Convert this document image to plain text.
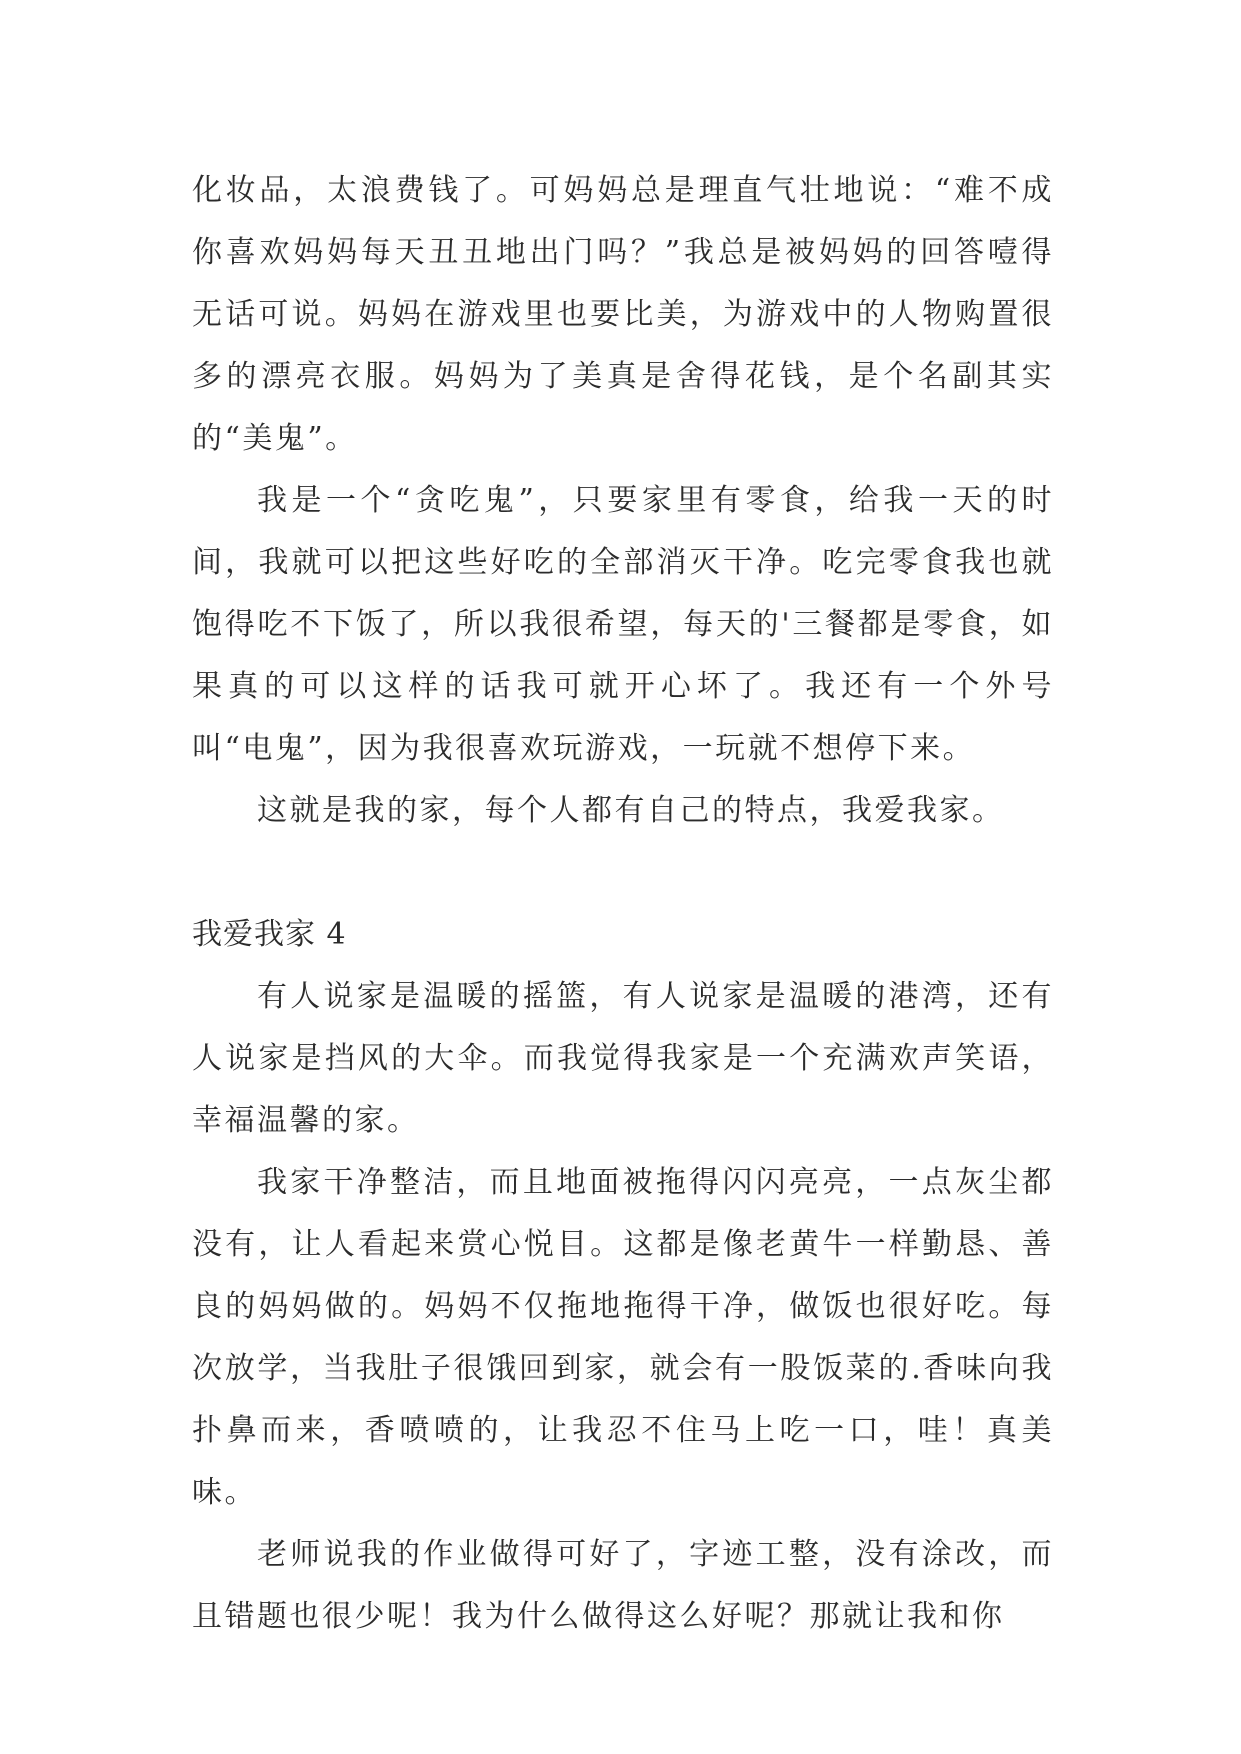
化妆品，太浪费钱了。可妈妈总是理直气壮地说：“难不成你喜欢妈妈每天丑丑地出门吗？”我总是被妈妈的回答噎得无话可说。妈妈在游戏里也要比美，为游戏中的人物购置很多的漂亮衣服。妈妈为了美真是舍得花钱，是个名副其实的“美鬼”。

我是一个“贪吃鬼”，只要家里有零食，给我一天的时间，我就可以把这些好吃的全部消灭干净。吃完零食我也就饱得吃不下饭了，所以我很希望，每天的'三餐都是零食，如果真的可以这样的话我可就开心坏了。我还有一个外号叫“电鬼”，因为我很喜欢玩游戏，一玩就不想停下来。

这就是我的家，每个人都有自己的特点，我爱我家。

我爱我家 4

有人说家是温暖的摇篮，有人说家是温暖的港湾，还有人说家是挡风的大伞。而我觉得我家是一个充满欢声笑语，幸福温馨的家。

我家干净整洁，而且地面被拖得闪闪亮亮，一点灰尘都没有，让人看起来赏心悦目。这都是像老黄牛一样勤恳、善良的妈妈做的。妈妈不仅拖地拖得干净，做饭也很好吃。每次放学，当我肚子很饿回到家，就会有一股饭菜的.香味向我扑鼻而来，香喷喷的，让我忍不住马上吃一口，哇！真美味。

老师说我的作业做得可好了，字迹工整，没有涂改，而且错题也很少呢！我为什么做得这么好呢？那就让我和你
